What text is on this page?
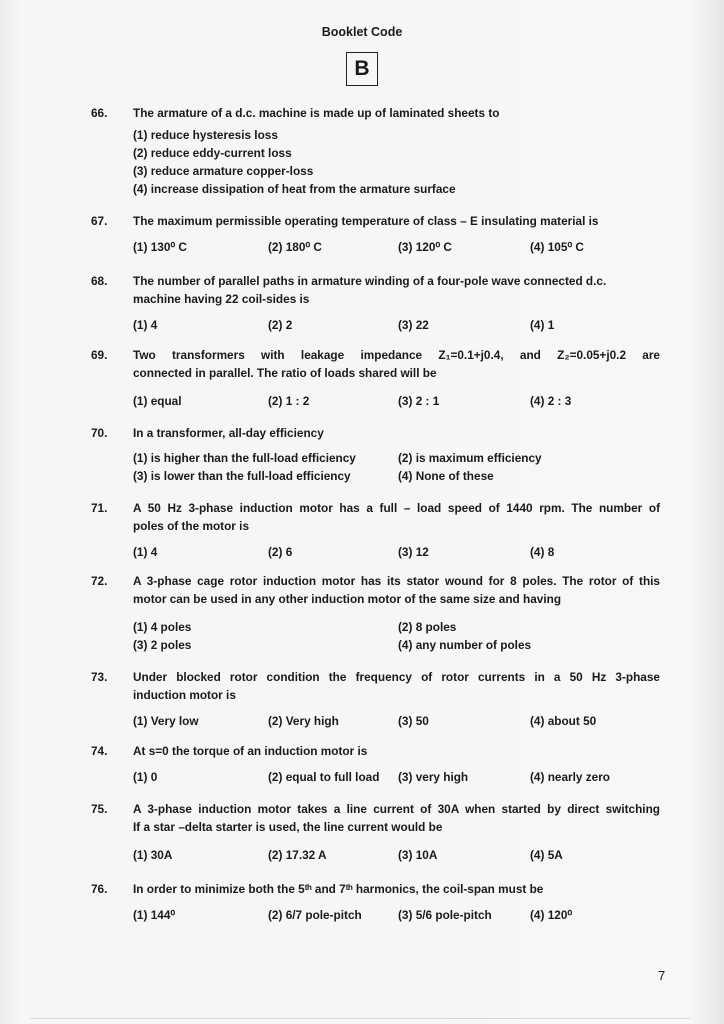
Booklet Code
B
66. The armature of a d.c. machine is made up of laminated sheets to
(1) reduce hysteresis loss
(2) reduce eddy-current loss
(3) reduce armature copper-loss
(4) increase dissipation of heat from the armature surface
67. The maximum permissible operating temperature of class – E insulating material is
(1) 130⁰ C	(2) 180⁰ C	(3) 120⁰ C	(4) 105⁰ C
68. The number of parallel paths in armature winding of a four-pole wave connected d.c.
machine having 22 coil-sides is
(1) 4	(2) 2	(3) 22	(4) 1
69. Two transformers with leakage impedance Z₁=0.1+j0.4, and Z₂=0.05+j0.2 are
connected in parallel. The ratio of loads shared will be
(1) equal	(2) 1 : 2	(3) 2 : 1	(4) 2 : 3
70. In a transformer, all-day efficiency
(1) is higher than the full-load efficiency	(2) is maximum efficiency
(3) is lower than the full-load efficiency	(4) None of these
71. A 50 Hz 3-phase induction motor has a full – load speed of 1440 rpm. The number of
poles of the motor is
(1) 4	(2) 6	(3) 12	(4) 8
72. A 3-phase cage rotor induction motor has its stator wound for 8 poles. The rotor of this
motor can be used in any other induction motor of the same size and having
(1) 4 poles	(2) 8 poles
(3) 2 poles	(4) any number of poles
73. Under blocked rotor condition the frequency of rotor currents in a 50 Hz 3-phase
induction motor is
(1) Very low	(2) Very high	(3) 50	(4) about 50
74. At s=0 the torque of an induction motor is
(1) 0	(2) equal to full load (3) very high	(4) nearly zero
75. A 3-phase induction motor takes a line current of 30A when started by direct switching
If a star –delta starter is used, the line current would be
(1) 30A	(2) 17.32 A	(3) 10A	(4) 5A
76. In order to minimize both the 5ᵗʰ and 7ᵗʰ harmonics, the coil-span must be
(1) 144⁰	(2) 6/7 pole-pitch	(3) 5/6 pole-pitch	(4) 120⁰
7
